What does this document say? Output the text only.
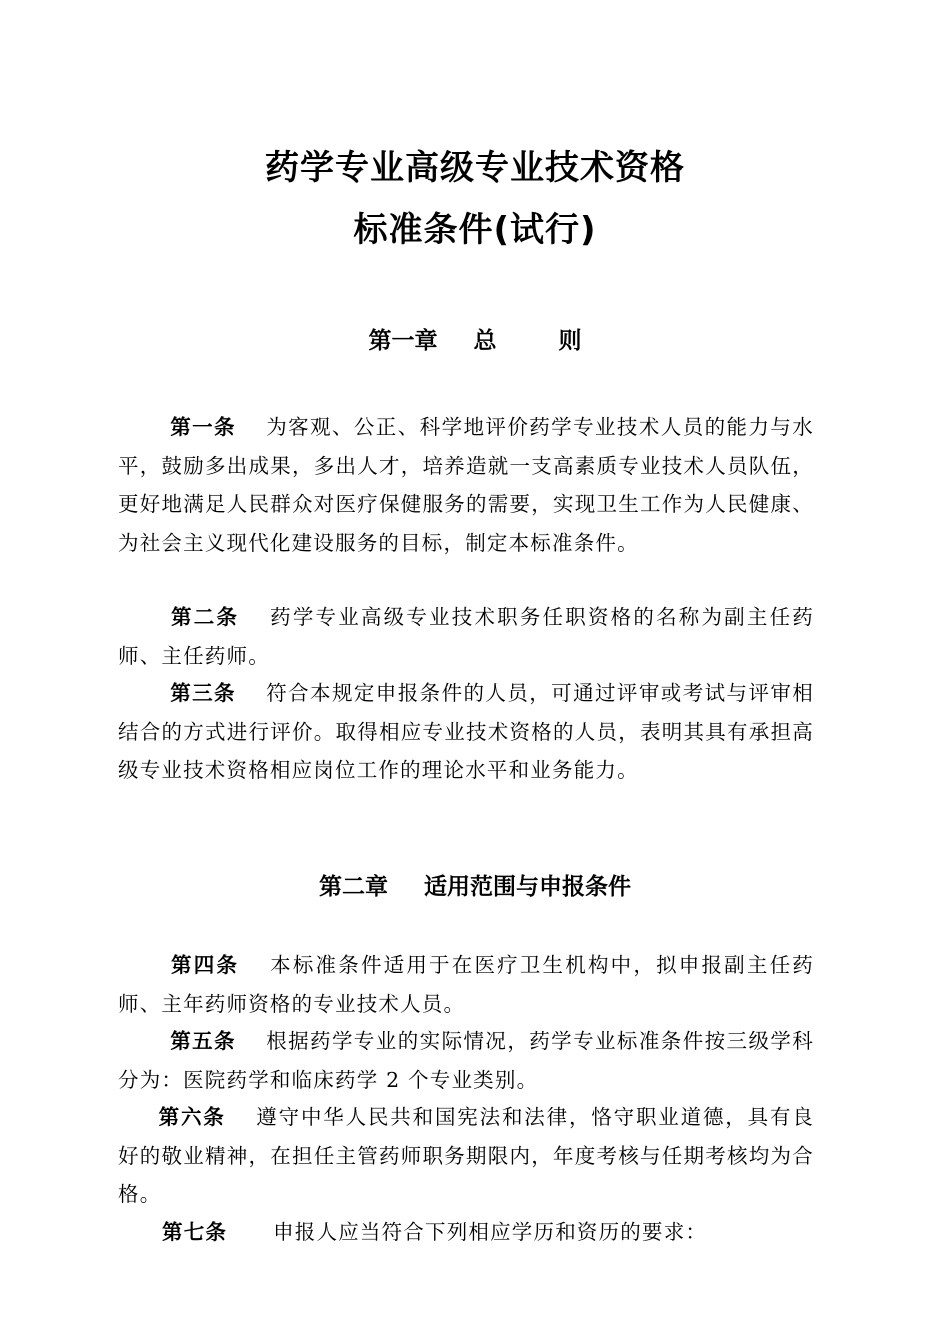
药学专业高级专业技术资格
标准条件(试行)
第一章 总	则
第一条 为客观、公正、科学地评价药学专业技术人员的能力与水平，鼓励多出成果，多出人才，培养造就一支高素质专业技术人员队伍，更好地满足人民群众对医疗保健服务的需要，实现卫生工作为人民健康、为社会主义现代化建设服务的目标，制定本标准条件。
第二条 药学专业高级专业技术职务任职资格的名称为副主任药师、主任药师。
第三条 符合本规定申报条件的人员，可通过评审或考试与评审相结合的方式进行评价。取得相应专业技术资格的人员，表明其具有承担高级专业技术资格相应岗位工作的理论水平和业务能力。
第二章 适用范围与申报条件
第四条 本标准条件适用于在医疗卫生机构中，拟申报副主任药师、主年药师资格的专业技术人员。
第五条 根据药学专业的实际情况，药学专业标准条件按三级学科分为：医院药学和临床药学 2 个专业类别。
第六条 遵守中华人民共和国宪法和法律，恪守职业道德，具有良好的敬业精神，在担任主管药师职务期限内，年度考核与任期考核均为合格。
第七条 申报人应当符合下列相应学历和资历的要求：
